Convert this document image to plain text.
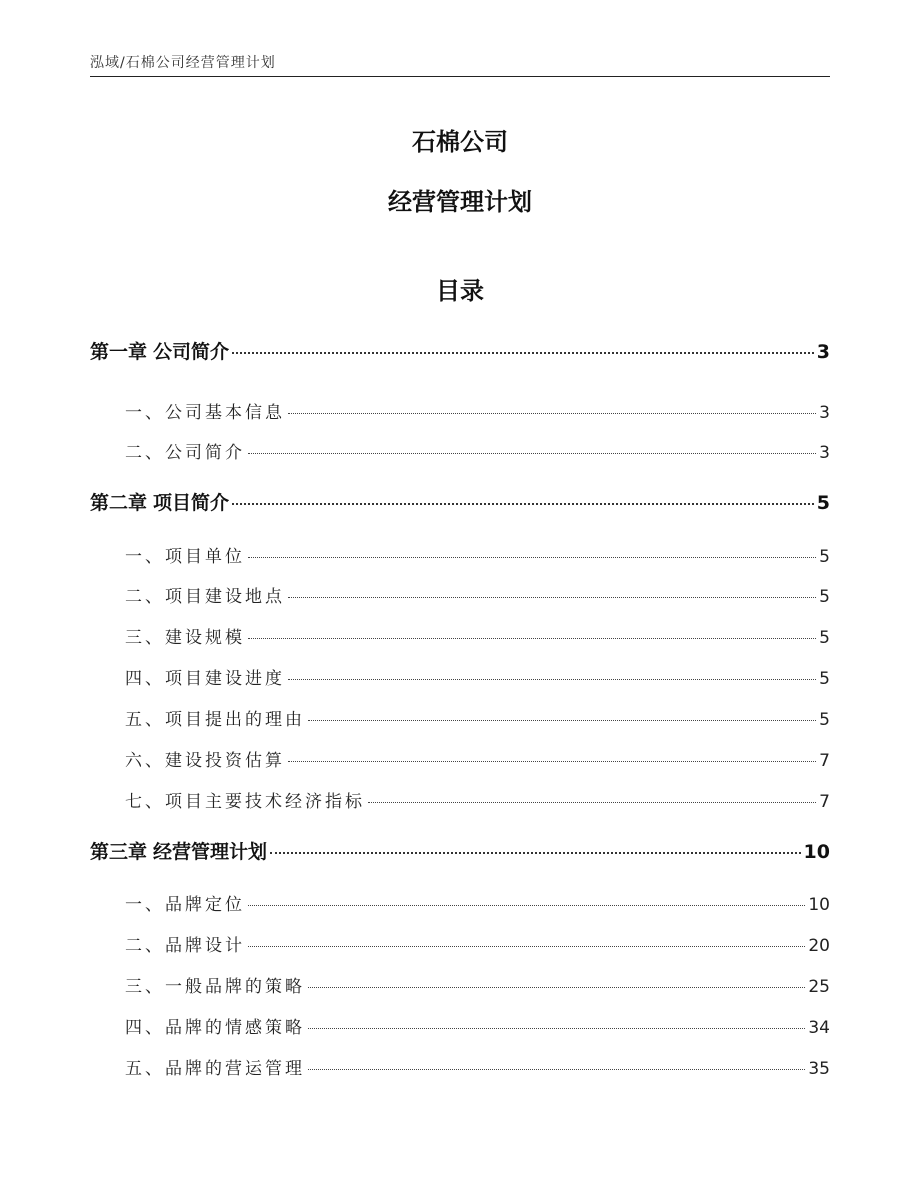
泓域/石棉公司经营管理计划
石棉公司
经营管理计划
目录
第一章 公司简介	3
一、 公司基本信息	3
二、 公司简介	3
第二章 项目简介	5
一、 项目单位	5
二、 项目建设地点	5
三、 建设规模	5
四、 项目建设进度	5
五、 项目提出的理由	5
六、 建设投资估算	7
七、 项目主要技术经济指标	7
第三章 经营管理计划	10
一、 品牌定位	10
二、 品牌设计	20
三、 一般品牌的策略	25
四、 品牌的情感策略	34
五、 品牌的营运管理	35
